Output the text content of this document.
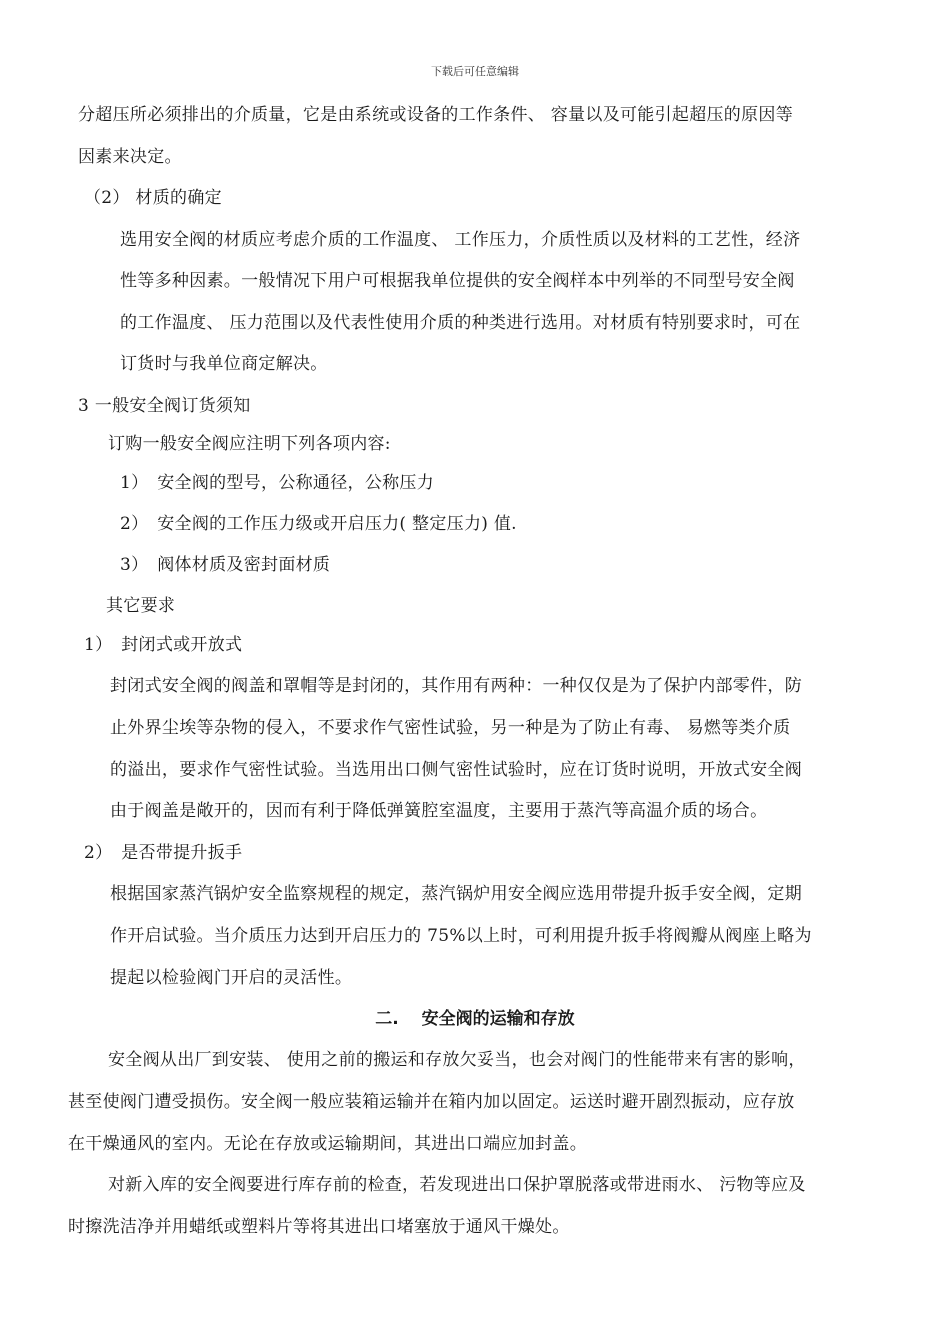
下载后可任意编辑
分超压所必须排出的介质量，它是由系统或设备的工作条件、 容量以及可能引起超压的原因等
因素来决定。
（2） 材质的确定
选用安全阀的材质应考虑介质的工作温度、 工作压力，介质性质以及材料的工艺性，经济
性等多种因素。一般情况下用户可根据我单位提供的安全阀样本中列举的不同型号安全阀
的工作温度、 压力范围以及代表性使用介质的种类进行选用。对材质有特别要求时，可在
订货时与我单位商定解决。
3 一般安全阀订货须知
订购一般安全阀应注明下列各项内容:
1）　安全阀的型号，公称通径，公称压力
2）　安全阀的工作压力级或开启压力( 整定压力) 值.
3）　阀体材质及密封面材质
其它要求
1）　封闭式或开放式
封闭式安全阀的阀盖和罩帽等是封闭的，其作用有两种：一种仅仅是为了保护内部零件，防
止外界尘埃等杂物的侵入，不要求作气密性试验，另一种是为了防止有毒、 易燃等类介质
的溢出，要求作气密性试验。当选用出口侧气密性试验时，应在订货时说明，开放式安全阀
由于阀盖是敞开的，因而有利于降低弹簧腔室温度，主要用于蒸汽等高温介质的场合。
2）　是否带提升扳手
根据国家蒸汽锅炉安全监察规程的规定，蒸汽锅炉用安全阀应选用带提升扳手安全阀，定期
作开启试验。当介质压力达到开启压力的 75%以上时，可利用提升扳手将阀瓣从阀座上略为
提起以检验阀门开启的灵活性。
二.　 安全阀的运输和存放
安全阀从出厂到安装、 使用之前的搬运和存放欠妥当，也会对阀门的性能带来有害的影响，
甚至使阀门遭受损伤。安全阀一般应装箱运输并在箱内加以固定。运送时避开剧烈振动，应存放
在干燥通风的室内。无论在存放或运输期间，其进出口端应加封盖。
对新入库的安全阀要进行库存前的检查，若发现进出口保护罩脱落或带进雨水、 污物等应及
时擦洗洁净并用蜡纸或塑料片等将其进出口堵塞放于通风干燥处。
